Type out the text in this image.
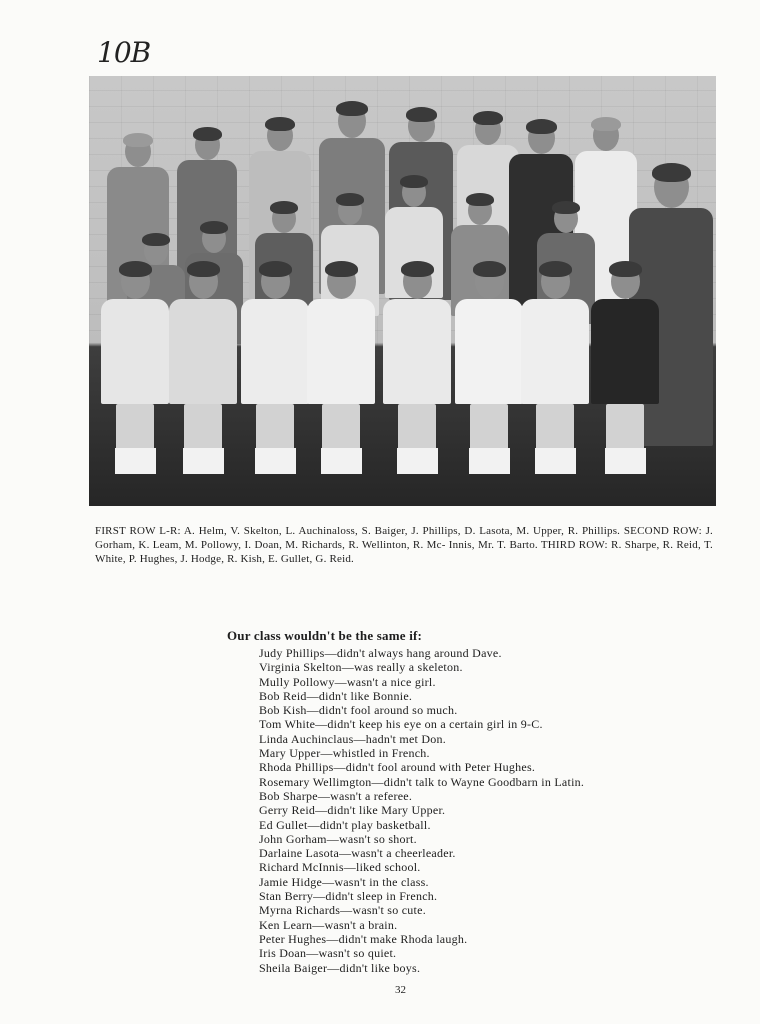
10B
FIRST ROW L-R: A. Helm, V. Skelton, L. Auchinaloss, S. Baiger, J. Phillips, D. Lasota, M. Upper, R. Phillips. SECOND ROW: J. Gorham, K. Leam, M. Pollowy, I. Doan, M. Richards, R. Wellinton, R. Mc- Innis, Mr. T. Barto. THIRD ROW: R. Sharpe, R. Reid, T. White, P. Hughes, J. Hodge, R. Kish, E. Gullet, G. Reid.
Our class wouldn't be the same if:
Judy Phillips—didn't always hang around Dave.
Virginia Skelton—was really a skeleton.
Mully Pollowy—wasn't a nice girl.
Bob Reid—didn't like Bonnie.
Bob Kish—didn't fool around so much.
Tom White—didn't keep his eye on a certain girl in 9-C.
Linda Auchinclaus—hadn't met Don.
Mary Upper—whistled in French.
Rhoda Phillips—didn't fool around with Peter Hughes.
Rosemary Wellimgton—didn't talk to Wayne Goodbarn in Latin.
Bob Sharpe—wasn't a referee.
Gerry Reid—didn't like Mary Upper.
Ed Gullet—didn't play basketball.
John Gorham—wasn't so short.
Darlaine Lasota—wasn't a cheerleader.
Richard McInnis—liked school.
Jamie Hidge—wasn't in the class.
Stan Berry—didn't sleep in French.
Myrna Richards—wasn't so cute.
Ken Learn—wasn't a brain.
Peter Hughes—didn't make Rhoda laugh.
Iris Doan—wasn't so quiet.
Sheila Baiger—didn't like boys.
32
